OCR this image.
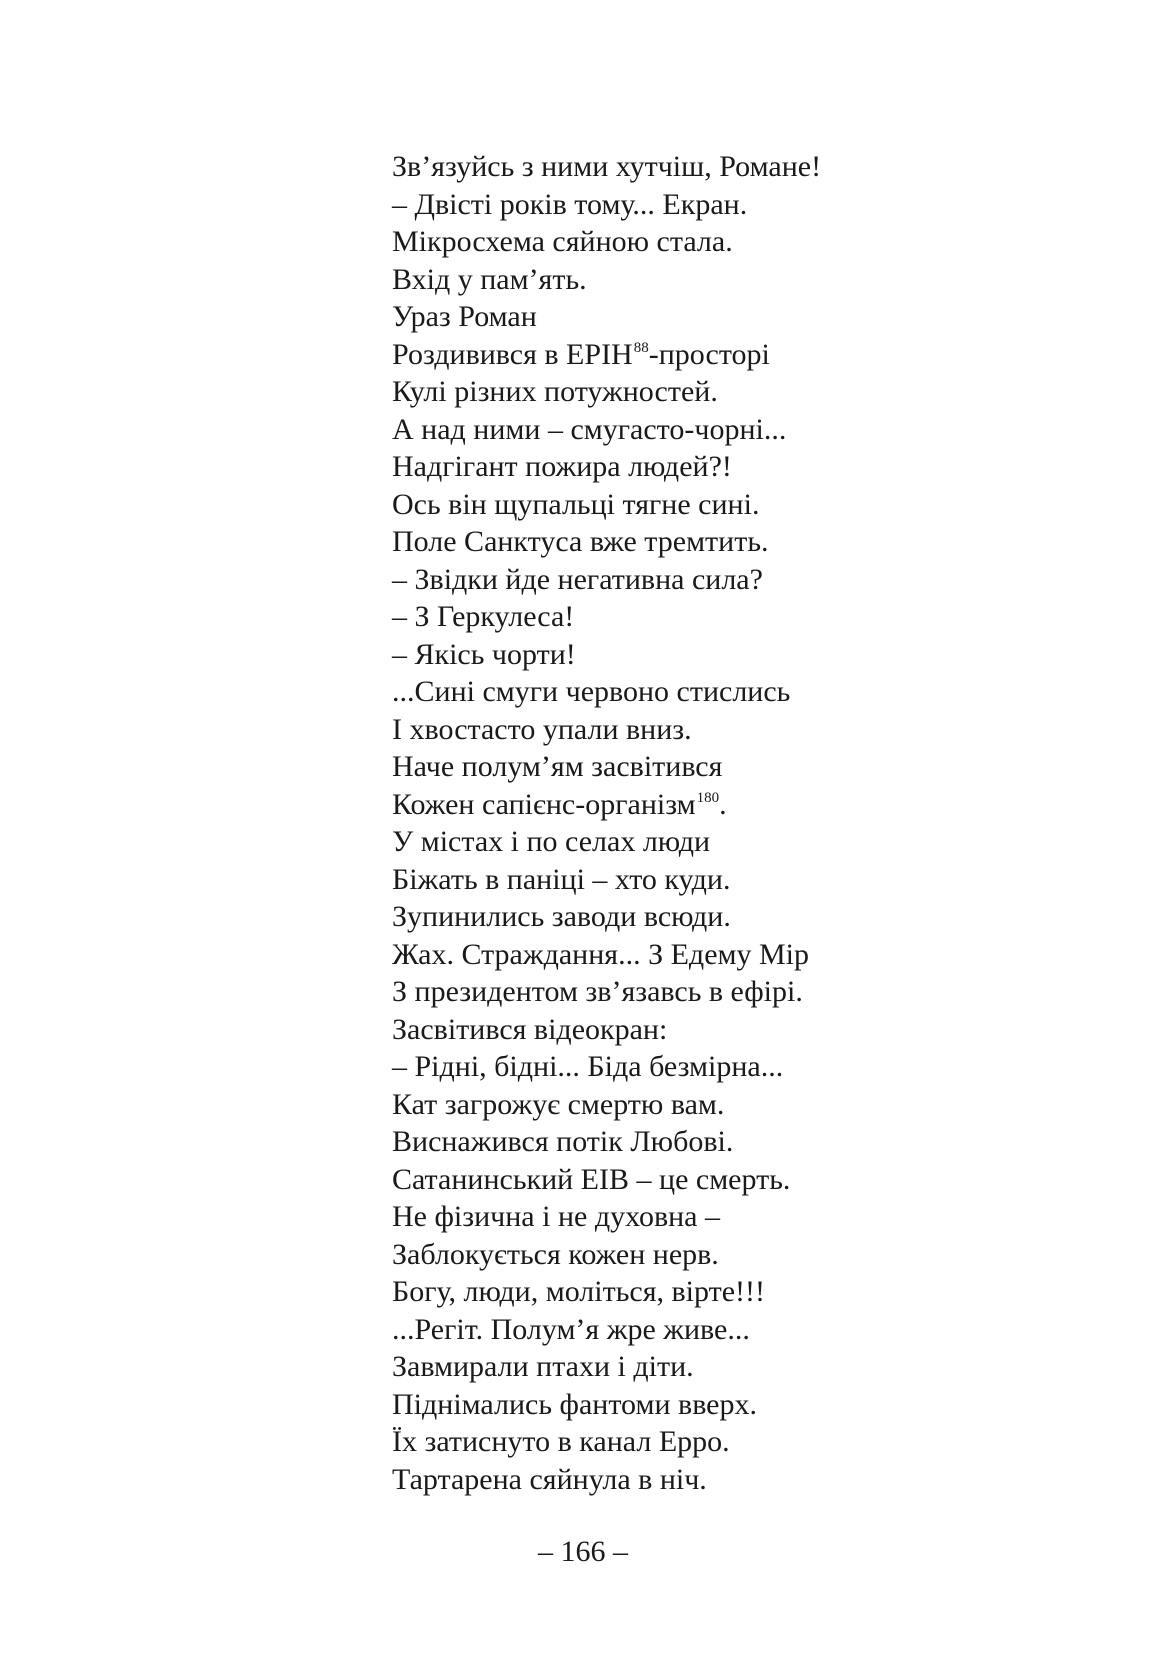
Зв’язуйсь з ними хутчіш, Романе!
– Двісті років тому... Екран.
Мікросхема сяйною стала.
Вхід у пам’ять.
Ураз Роман
Роздивився в ЕРІН$^{88}$-просторі
Кулі різних потужностей.
А над ними – смугасто-чорні...
Надгігант пожира людей?!
Ось він щупальці тягне сині.
Поле Санктуса вже тремтить.
– Звідки йде негативна сила?
– З Геркулеса!
– Якісь чорти!
...Сині смуги червоно стислись
І хвостасто упали вниз.
Наче полум’ям засвітився
Кожен сапієнс-організм$^{180}$.
У містах і по селах люди
Біжать в паніці – хто куди.
Зупинились заводи всюди.
Жах. Страждання... З Едему Мір
З президентом зв’язавсь в ефірі.
Засвітився відеокран:
– Рідні, бідні... Біда безмірна...
Кат загрожує смертю вам.
Виснажився потік Любові.
Сатанинський ЕІВ – це смерть.
Не фізична і не духовна –
Заблокується кожен нерв.
Богу, люди, моліться, вірте!!!
...Регіт. Полум’я жре живе...
Завмирали птахи і діти.
Піднімались фантоми вверх.
Їх затиснуто в канал Ерро.
Тартарена сяйнула в ніч.
– 166 –
